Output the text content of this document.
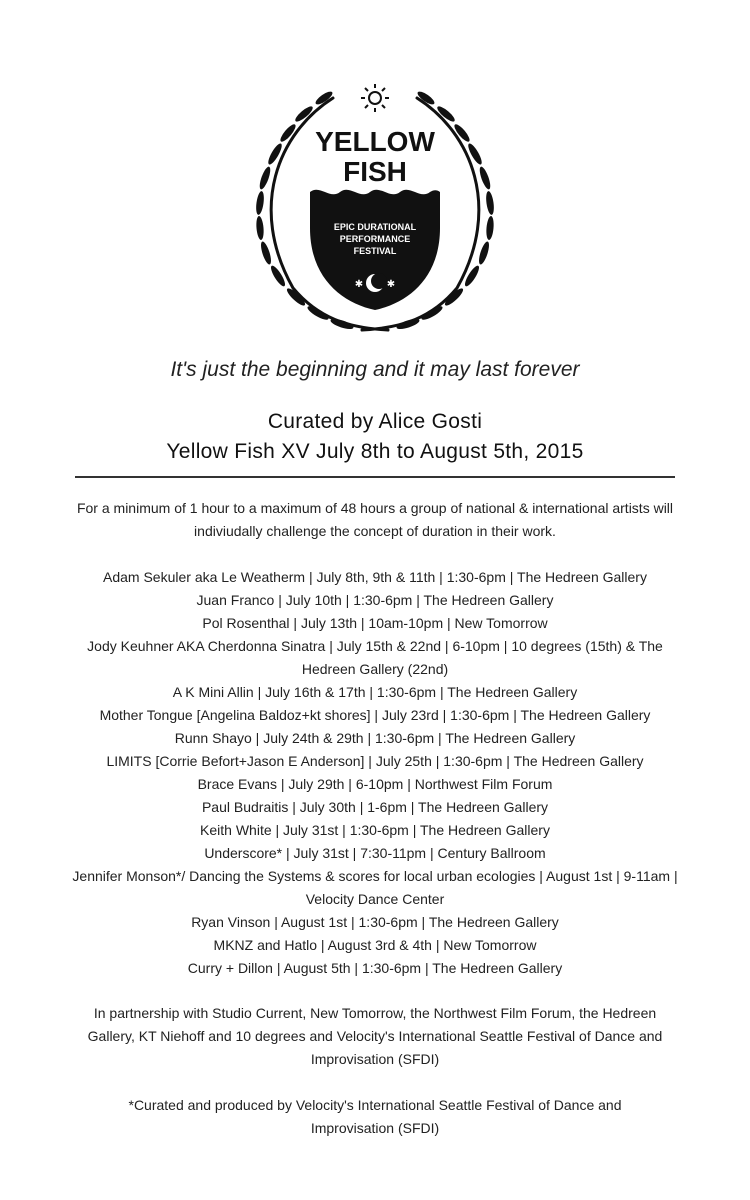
YELLOW
FISH
EPIC DURATIONAL
PERFORMANCE
FESTIVAL
✱ ✱
It's just the beginning and it may last forever
Curated by Alice Gosti
Yellow Fish XV July 8th to August 5th, 2015
For a minimum of 1 hour to a maximum of 48 hours a group of national & international artists will indiviudally challenge the concept of duration in their work.
Adam Sekuler aka Le Weatherm | July 8th, 9th & 11th | 1:30-6pm | The Hedreen Gallery
Juan Franco | July 10th | 1:30-6pm | The Hedreen Gallery
Pol Rosenthal | July 13th | 10am-10pm | New Tomorrow
Jody Keuhner AKA Cherdonna Sinatra | July 15th & 22nd | 6-10pm | 10 degrees (15th) & The Hedreen Gallery (22nd)
A K Mini Allin | July 16th & 17th | 1:30-6pm | The Hedreen Gallery
Mother Tongue [Angelina Baldoz+kt shores] | July 23rd | 1:30-6pm | The Hedreen Gallery
Runn Shayo | July 24th & 29th | 1:30-6pm | The Hedreen Gallery
LIMITS [Corrie Befort+Jason E Anderson] | July 25th | 1:30-6pm | The Hedreen Gallery
Brace Evans | July 29th | 6-10pm | Northwest Film Forum
Paul Budraitis | July 30th | 1-6pm | The Hedreen Gallery
Keith White | July 31st | 1:30-6pm | The Hedreen Gallery
Underscore* | July 31st | 7:30-11pm | Century Ballroom
Jennifer Monson*/ Dancing the Systems & scores for local urban ecologies | August 1st | 9-11am | Velocity Dance Center
Ryan Vinson | August 1st | 1:30-6pm | The Hedreen Gallery
MKNZ and Hatlo | August 3rd & 4th | New Tomorrow
Curry + Dillon | August 5th | 1:30-6pm | The Hedreen Gallery
In partnership with Studio Current, New Tomorrow, the Northwest Film Forum, the Hedreen Gallery, KT Niehoff and 10 degrees and Velocity's International Seattle Festival of Dance and Improvisation (SFDI)
*Curated and produced by Velocity's International Seattle Festival of Dance and Improvisation (SFDI)
